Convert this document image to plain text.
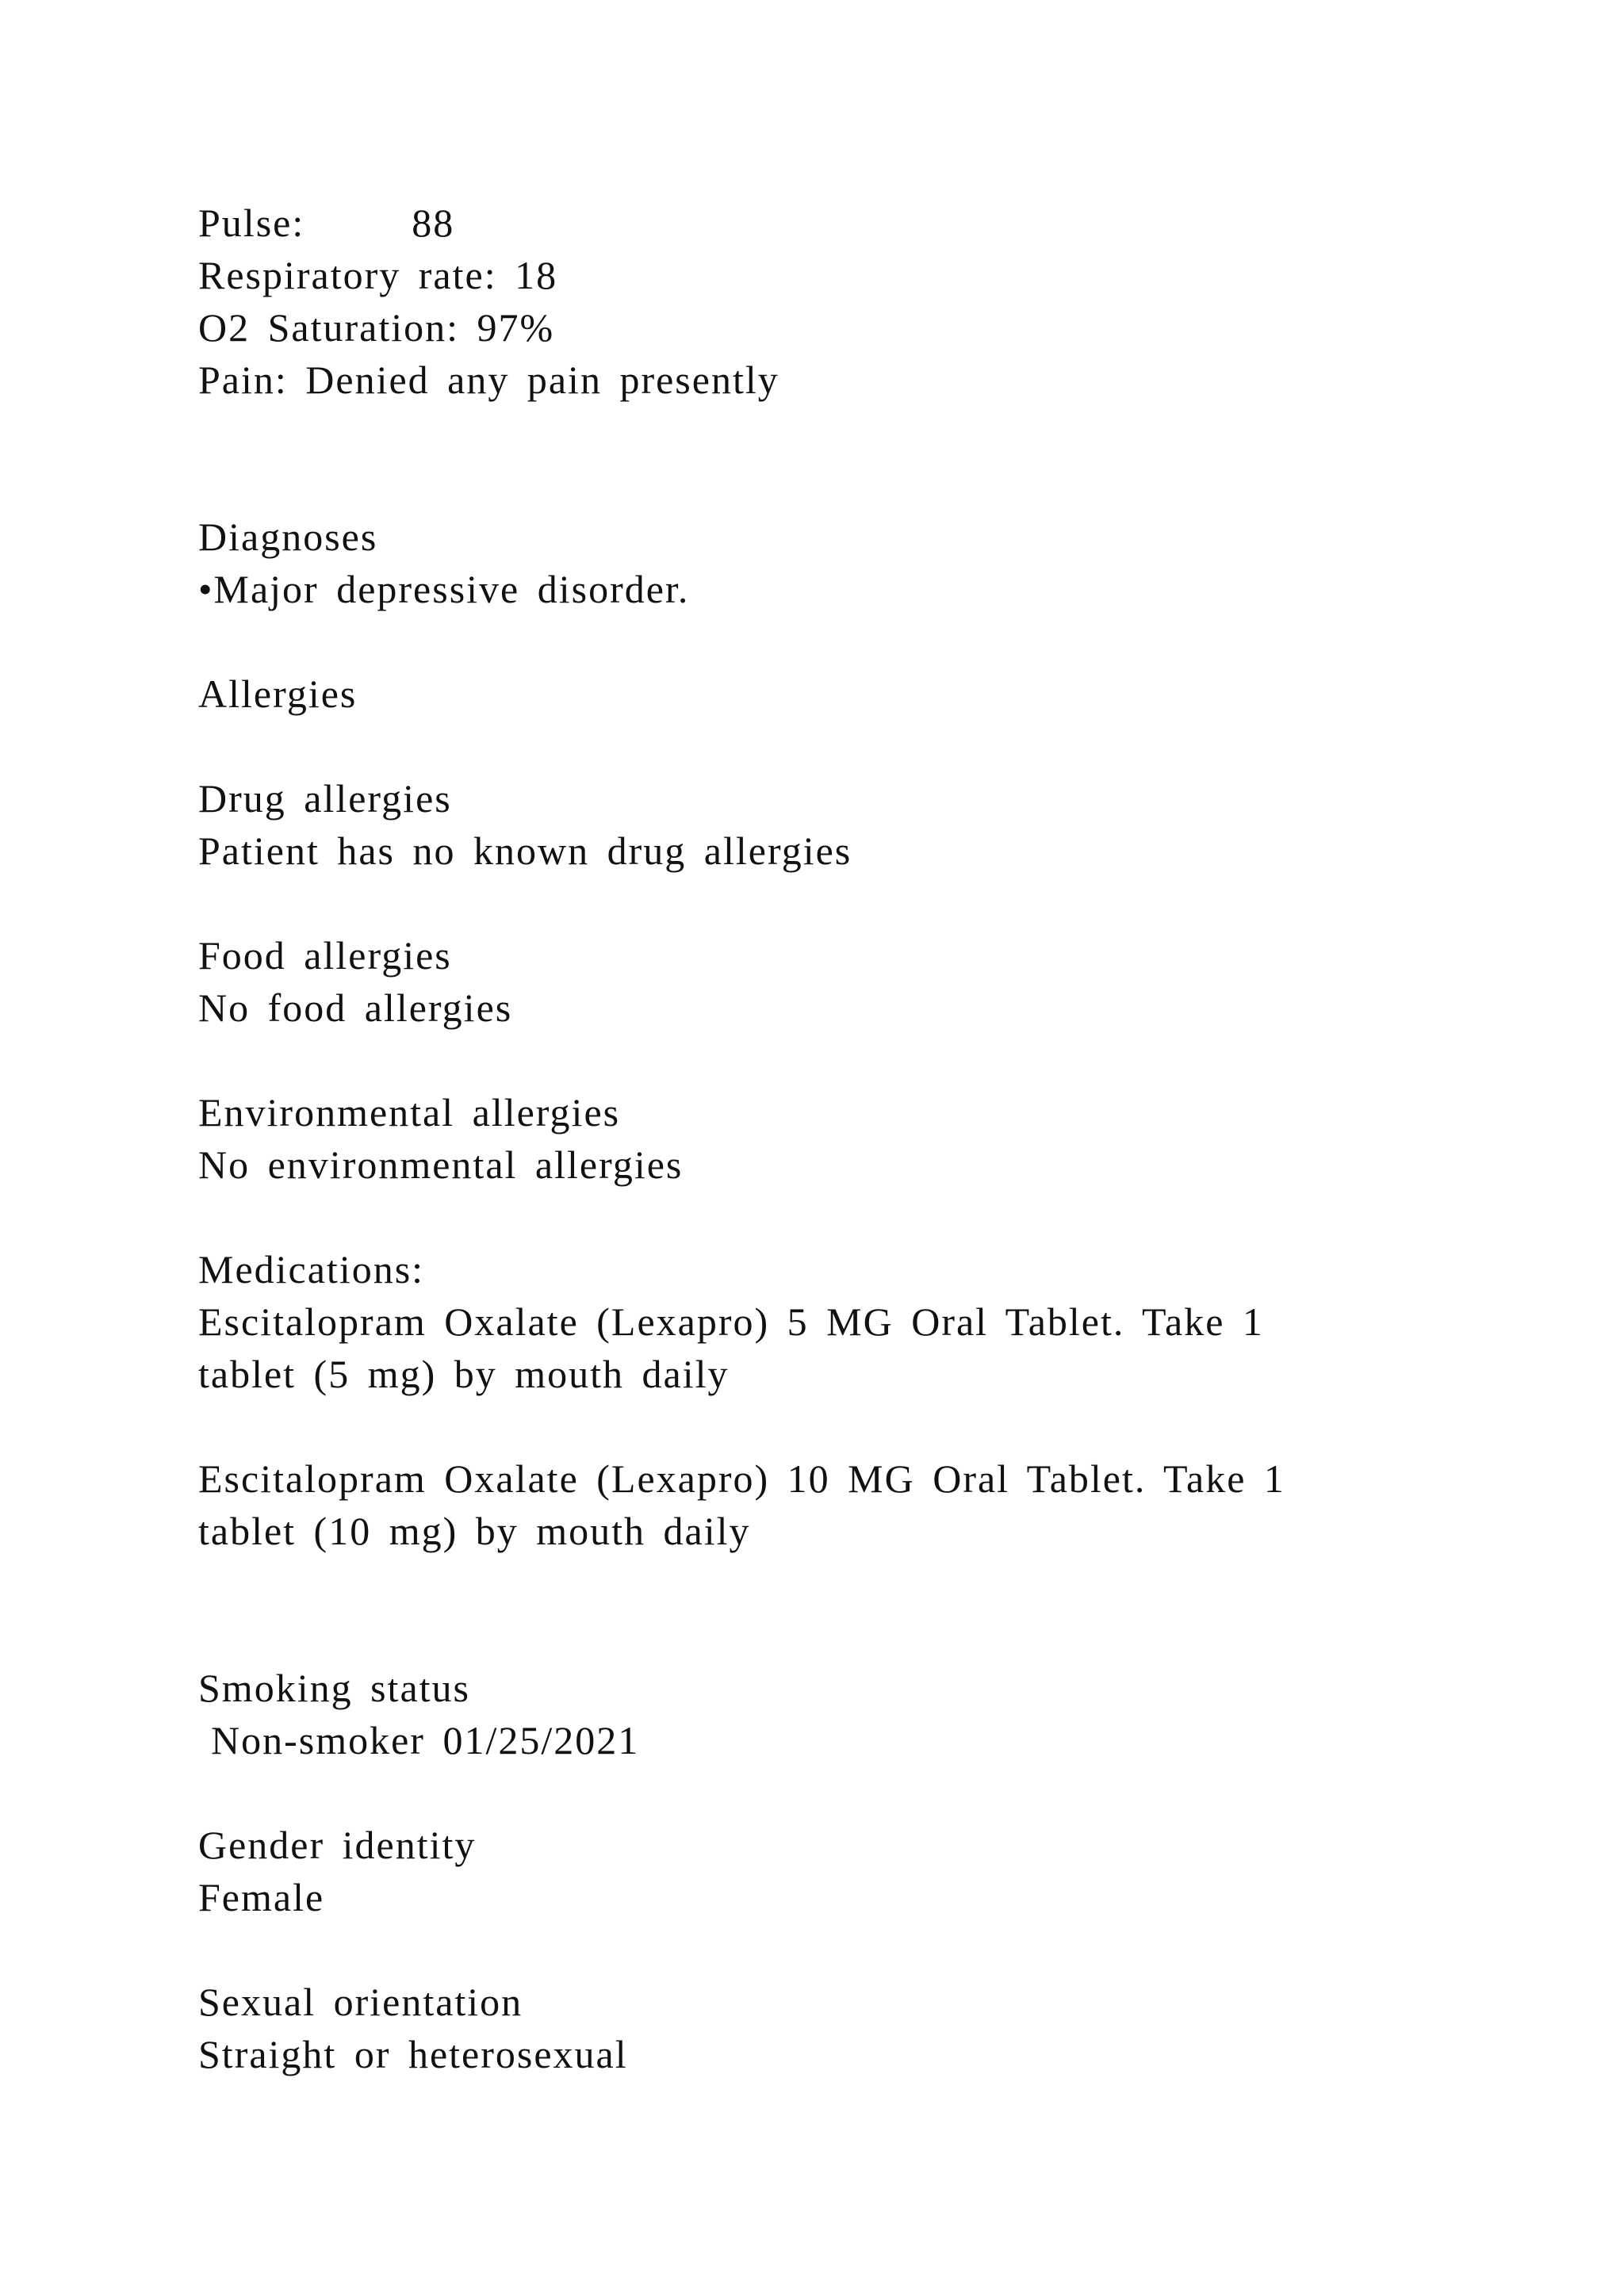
Pulse:      88
Respiratory rate: 18
O2 Saturation: 97%
Pain: Denied any pain presently
Diagnoses
•Major depressive disorder.
Allergies
Drug allergies
Patient has no known drug allergies
Food allergies
No food allergies
Environmental allergies
No environmental allergies
Medications:
Escitalopram Oxalate (Lexapro) 5 MG Oral Tablet. Take 1
tablet (5 mg) by mouth daily
Escitalopram Oxalate (Lexapro) 10 MG Oral Tablet. Take 1
tablet (10 mg) by mouth daily
Smoking status
Non-smoker 01/25/2021
Gender identity
Female
Sexual orientation
Straight or heterosexual
